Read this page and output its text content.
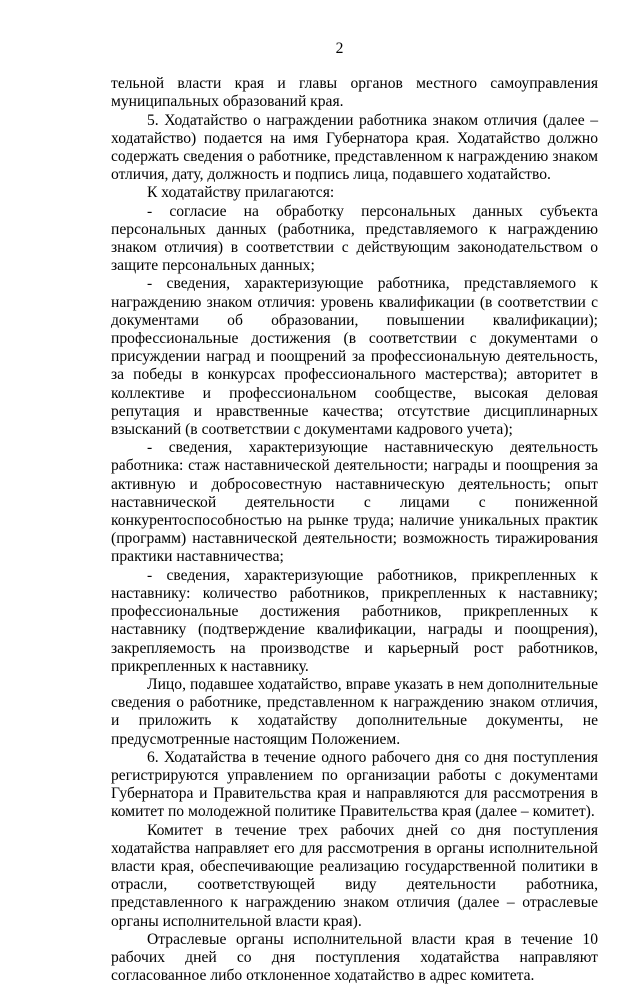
2

тельной власти края и главы органов местного самоуправления муниципальных образований края.

5. Ходатайство о награждении работника знаком отличия (далее – ходатайство) подается на имя Губернатора края. Ходатайство должно содержать сведения о работнике, представленном к награждению знаком отличия, дату, должность и подпись лица, подавшего ходатайство.

К ходатайству прилагаются:

- согласие на обработку персональных данных субъекта персональных данных (работника, представляемого к награждению знаком отличия) в соответствии с действующим законодательством о защите персональных данных;

- сведения, характеризующие работника, представляемого к награждению знаком отличия: уровень квалификации (в соответствии с документами об образовании, повышении квалификации); профессиональные достижения (в соответствии с документами о присуждении наград и поощрений за профессиональную деятельность, за победы в конкурсах профессионального мастерства); авторитет в коллективе и профессиональном сообществе, высокая деловая репутация и нравственные качества; отсутствие дисциплинарных взысканий (в соответствии с документами кадрового учета);

- сведения, характеризующие наставническую деятельность работника: стаж наставнической деятельности; награды и поощрения за активную и добросовестную наставническую деятельность; опыт наставнической деятельности с лицами с пониженной конкурентоспособностью на рынке труда; наличие уникальных практик (программ) наставнической деятельности; возможность тиражирования практики наставничества;

- сведения, характеризующие работников, прикрепленных к наставнику: количество работников, прикрепленных к наставнику; профессиональные достижения работников, прикрепленных к наставнику (подтверждение квалификации, награды и поощрения), закрепляемость на производстве и карьерный рост работников, прикрепленных к наставнику.

Лицо, подавшее ходатайство, вправе указать в нем дополнительные сведения о работнике, представленном к награждению знаком отличия, и приложить к ходатайству дополнительные документы, не предусмотренные настоящим Положением.

6. Ходатайства в течение одного рабочего дня со дня поступления регистрируются управлением по организации работы с документами Губернатора и Правительства края и направляются для рассмотрения в комитет по молодежной политике Правительства края (далее – комитет).

Комитет в течение трех рабочих дней со дня поступления ходатайства направляет его для рассмотрения в органы исполнительной власти края, обеспечивающие реализацию государственной политики в отрасли, соответствующей виду деятельности работника, представленного к награждению знаком отличия (далее – отраслевые органы исполнительной власти края).

Отраслевые органы исполнительной власти края в течение 10 рабочих дней со дня поступления ходатайства направляют согласованное либо отклоненное ходатайство в адрес комитета.
